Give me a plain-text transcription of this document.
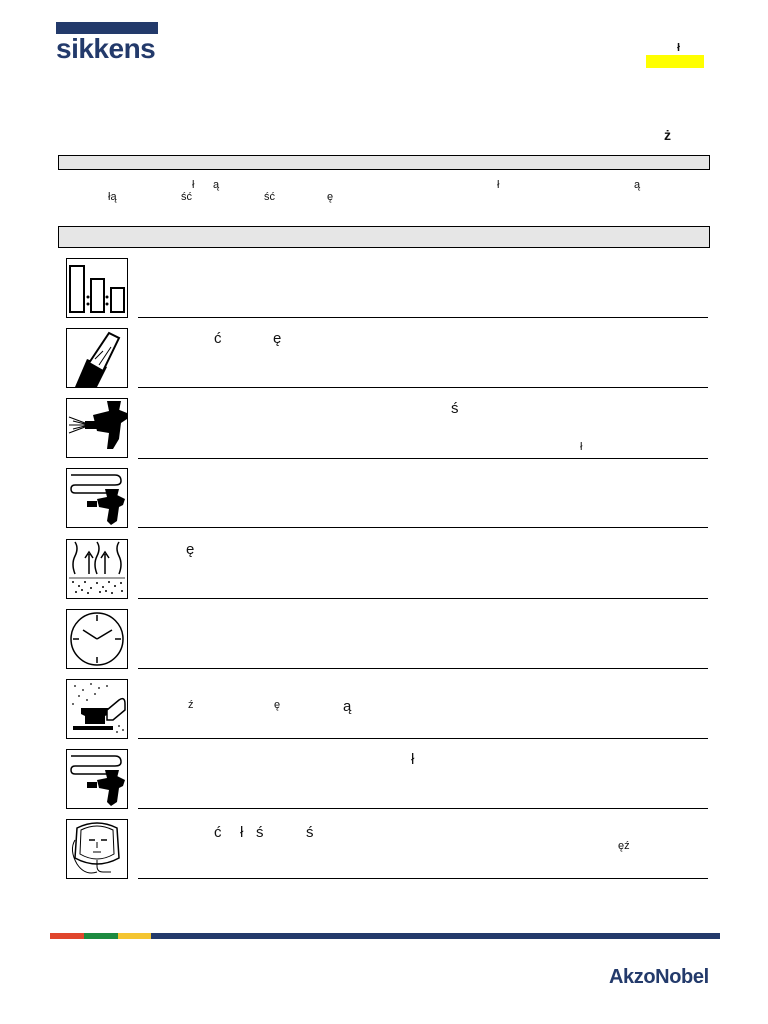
sikkens	ł
ż
ł ą	ł	ą
łą	ść	ść	ę
ć	ę
ś
ł
ę
ź	ę	ą
ł
ć ł ś	ś
ęź
AkzoNobel
